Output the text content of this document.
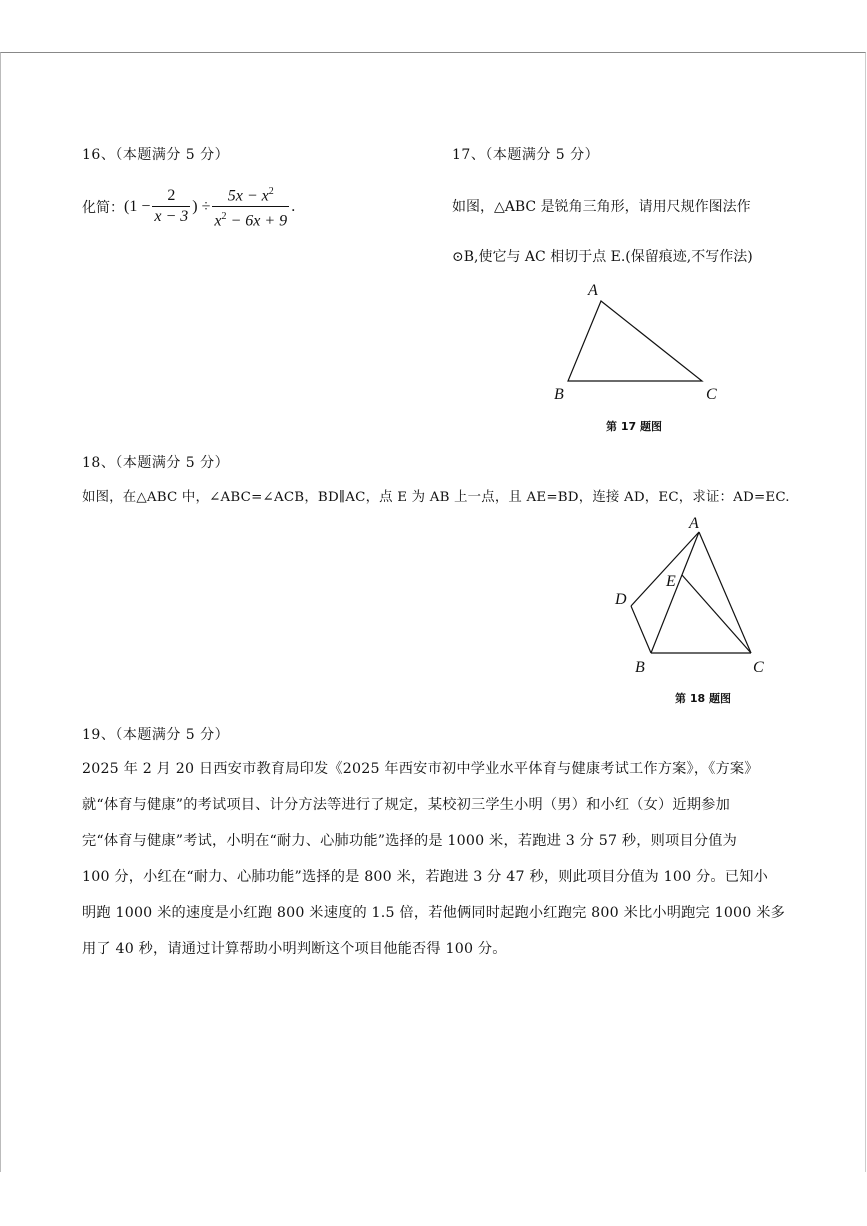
16、（本题满分 5 分）
化简： ($1 - \frac{2}{x - 3}$ ) ÷ $\frac{5x - x^2}{x^2 - 6x + 9}$ .
17、（本题满分 5 分）
如图，△ABC 是锐角三角形，请用尺规作图法作
⊙B,使它与 AC 相切于点 E.(保留痕迹,不写作法)
A
B	C
第 17 题图
18、（本题满分 5 分）
如图，在△ABC 中，∠ABC=∠ACB，BD∥AC，点 E 为 AB 上一点，且 AE=BD，连接 AD，EC，求证：AD=EC.
A
E
D
B	C
第 18 题图
19、（本题满分 5 分）
2025 年 2 月 20 日西安市教育局印发《2025 年西安市初中学业水平体育与健康考试工作方案》，《方案》
就“体育与健康”的考试项目、计分方法等进行了规定，某校初三学生小明（男）和小红（女）近期参加
完“体育与健康”考试，小明在“耐力、心肺功能”选择的是 1000 米，若跑进 3 分 57 秒，则项目分值为
100 分，小红在“耐力、心肺功能”选择的是 800 米，若跑进 3 分 47 秒，则此项目分值为 100 分。已知小
明跑 1000 米的速度是小红跑 800 米速度的 1.5 倍，若他俩同时起跑小红跑完 800 米比小明跑完 1000 米多
用了 40 秒，请通过计算帮助小明判断这个项目他能否得 100 分。
